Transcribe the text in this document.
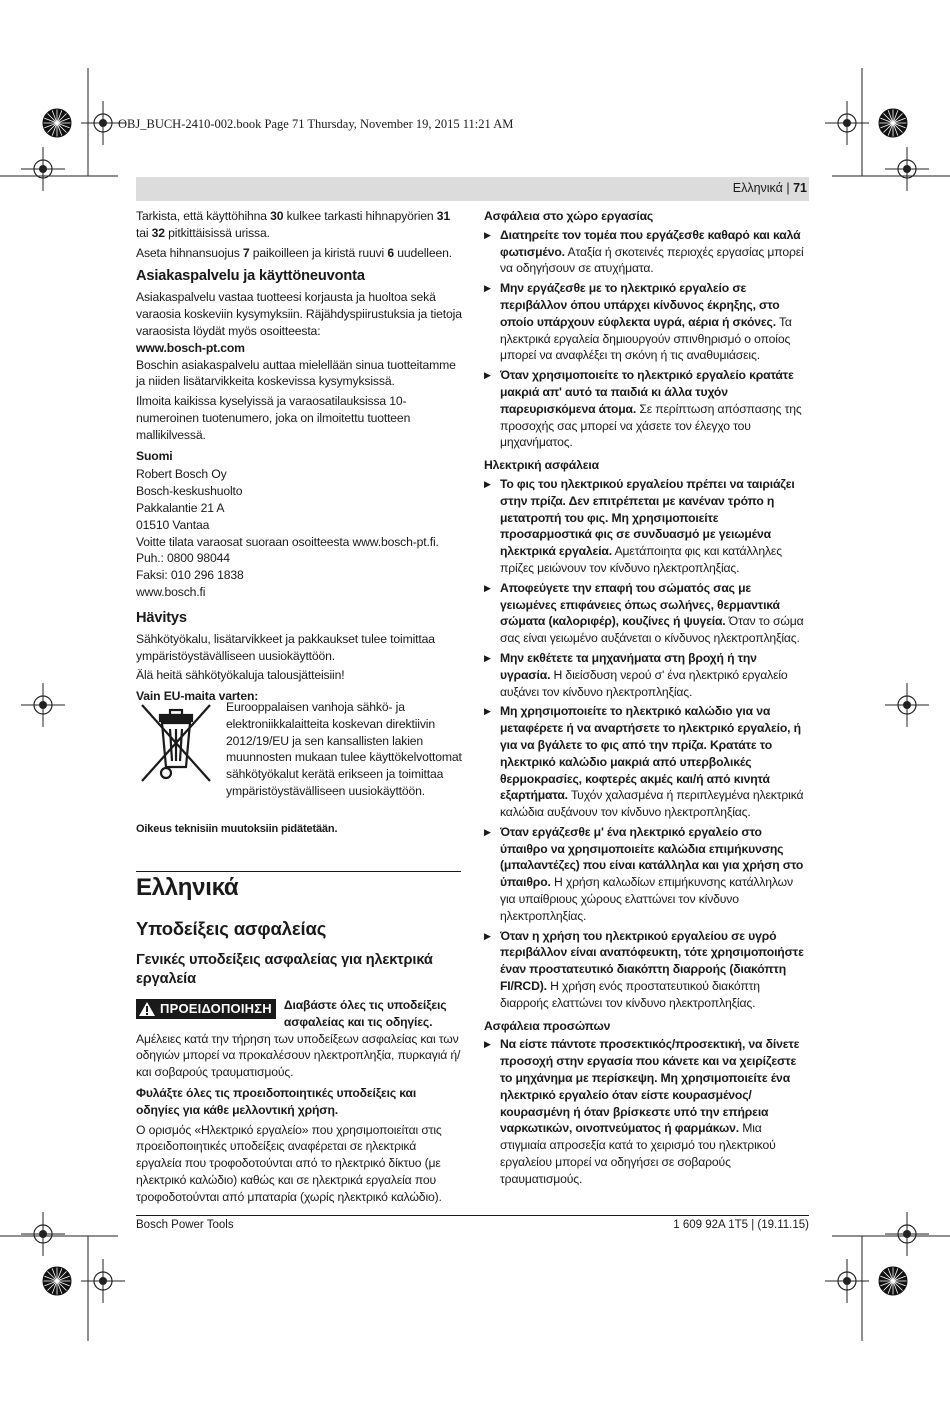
OBJ_BUCH-2410-002.book Page 71 Thursday, November 19, 2015 11:21 AM
Ελληνικά | 71

Tarkista, että käyttöhihna 30 kulkee tarkasti hihnapyörien 31 tai 32 pitkittäisissä urissa.

Aseta hihnansuojus 7 paikoilleen ja kiristä ruuvi 6 uudelleen.

Asiakaspalvelu ja käyttöneuvonta

Asiakaspalvelu vastaa tuotteesi korjausta ja huoltoa sekä varaosia koskeviin kysymyksiin. Räjähdyspiirustuksia ja tietoja varaosista löydät myös osoitteesta:
www.bosch-pt.com
Boschin asiakaspalvelu auttaa mielellään sinua tuotteitamme ja niiden lisätarvikkeita koskevissa kysymyksissä.

Ilmoita kaikissa kyselyissä ja varaosatilauksissa 10-numeroinen tuotenumero, joka on ilmoitettu tuotteen mallikilvessä.

Suomi
Robert Bosch Oy
Bosch-keskushuolto
Pakkalantie 21 A
01510 Vantaa
Voitte tilata varaosat suoraan osoitteesta www.bosch-pt.fi.
Puh.: 0800 98044
Faksi: 010 296 1838
www.bosch.fi
Hävitys

Sähkötyökalu, lisätarvikkeet ja pakkaukset tulee toimittaa ympäristöystävälliseen uusiokäyttöön.

Älä heitä sähkötyökaluja talousjätteisiin!

Vain EU-maita varten:
Eurooppalaisen vanhoja sähkö- ja elektroniikkalaitteita koskevan direktiivin 2012/19/EU ja sen kansallisten lakien muunnosten mukaan tulee käyttökelvottomat sähkötyökalut kerätä erikseen ja toimittaa ympäristöystävälliseen uusiokäyttöön.
Oikeus teknisiin muutoksiin pidätetään.
Ελληνικά
Υποδείξεις ασφαλείας
Γενικές υποδείξεις ασφαλείας για ηλεκτρικά εργαλεία

ΠΡΟΕΙΔΟΠΟΙΗΣΗ Διαβάστε όλες τις υποδείξεις ασφαλείας και τις οδηγίες. Αμέλειες κατά την τήρηση των υποδείξεων ασφαλείας και των οδηγιών μπορεί να προκαλέσουν ηλεκτροπληξία, πυρκαγιά ή/και σοβαρούς τραυματισμούς.

Φυλάξτε όλες τις προειδοποιητικές υποδείξεις και οδηγίες για κάθε μελλοντική χρήση.

Ο ορισμός «Ηλεκτρικό εργαλείο» που χρησιμοποιείται στις προειδοποιητικές υποδείξεις αναφέρεται σε ηλεκτρικά εργαλεία που τροφοδοτούνται από το ηλεκτρικό δίκτυο (με ηλεκτρικό καλώδιο) καθώς και σε ηλεκτρικά εργαλεία που τροφοδοτούνται από μπαταρία (χωρίς ηλεκτρικό καλώδιο).

Ασφάλεια στο χώρο εργασίας
▶ Διατηρείτε τον τομέα που εργάζεσθε καθαρό και καλά φωτισμένο. Αταξία ή σκοτεινές περιοχές εργασίας μπορεί να οδηγήσουν σε ατυχήματα.
▶ Μην εργάζεσθε με το ηλεκτρικό εργαλείο σε περιβάλλον όπου υπάρχει κίνδυνος έκρηξης, στο οποίο υπάρχουν εύφλεκτα υγρά, αέρια ή σκόνες. Τα ηλεκτρικά εργαλεία δημιουργούν σπινθηρισμό ο οποίος μπορεί να αναφλέξει τη σκόνη ή τις αναθυμιάσεις.
▶ Όταν χρησιμοποιείτε το ηλεκτρικό εργαλείο κρατάτε μακριά απ' αυτό τα παιδιά κι άλλα τυχόν παρευρισκόμενα άτομα. Σε περίπτωση απόσπασης της προσοχής σας μπορεί να χάσετε τον έλεγχο του μηχανήματος.
Ηλεκτρική ασφάλεια
▶ Το φις του ηλεκτρικού εργαλείου πρέπει να ταιριάζει στην πρίζα. Δεν επιτρέπεται με κανέναν τρόπο η μετατροπή του φις. Μη χρησιμοποιείτε προσαρμοστικά φις σε συνδυασμό με γειωμένα ηλεκτρικά εργαλεία. Αμετάποιητα φις και κατάλληλες πρίζες μειώνουν τον κίνδυνο ηλεκτροπληξίας.
▶ Αποφεύγετε την επαφή του σώματός σας με γειωμένες επιφάνειες όπως σωλήνες, θερμαντικά σώματα (καλοριφέρ), κουζίνες ή ψυγεία. Όταν το σώμα σας είναι γειωμένο αυξάνεται ο κίνδυνος ηλεκτροπληξίας.
▶ Μην εκθέτετε τα μηχανήματα στη βροχή ή την υγρασία. Η διείσδυση νερού σ' ένα ηλεκτρικό εργαλείο αυξάνει τον κίνδυνο ηλεκτροπληξίας.
▶ Μη χρησιμοποιείτε το ηλεκτρικό καλώδιο για να μεταφέρετε ή να αναρτήσετε το ηλεκτρικό εργαλείο, ή για να βγάλετε το φις από την πρίζα. Κρατάτε το ηλεκτρικό καλώδιο μακριά από υπερβολικές θερμοκρασίες, κοφτερές ακμές και/ή από κινητά εξαρτήματα. Τυχόν χαλασμένα ή περιπλεγμένα ηλεκτρικά καλώδια αυξάνουν τον κίνδυνο ηλεκτροπληξίας.
▶ Όταν εργάζεσθε μ' ένα ηλεκτρικό εργαλείο στο ύπαιθρο να χρησιμοποιείτε καλώδια επιμήκυνσης (μπαλαντέζες) που είναι κατάλληλα και για χρήση στο ύπαιθρο. Η χρήση καλωδίων επιμήκυνσης κατάλληλων για υπαίθριους χώρους ελαττώνει τον κίνδυνο ηλεκτροπληξίας.
▶ Όταν η χρήση του ηλεκτρικού εργαλείου σε υγρό περιβάλλον είναι αναπόφευκτη, τότε χρησιμοποιήστε έναν προστατευτικό διακόπτη διαρροής (διακόπτη FI/RCD). Η χρήση ενός προστατευτικού διακόπτη διαρροής ελαττώνει τον κίνδυνο ηλεκτροπληξίας.
Ασφάλεια προσώπων
▶ Να είστε πάντοτε προσεκτικός/προσεκτική, να δίνετε προσοχή στην εργασία που κάνετε και να χειρίζεστε το μηχάνημα με περίσκεψη. Μη χρησιμοποιείτε ένα ηλεκτρικό εργαλείο όταν είστε κουρασμένος/κουρασμένη ή όταν βρίσκεστε υπό την επήρεια ναρκωτικών, οινοπνεύματος ή φαρμάκων. Μια στιγμιαία απροσεξία κατά το χειρισμό του ηλεκτρικού εργαλείου μπορεί να οδηγήσει σε σοβαρούς τραυματισμούς.
Bosch Power Tools	1 609 92A 1T5 | (19.11.15)
